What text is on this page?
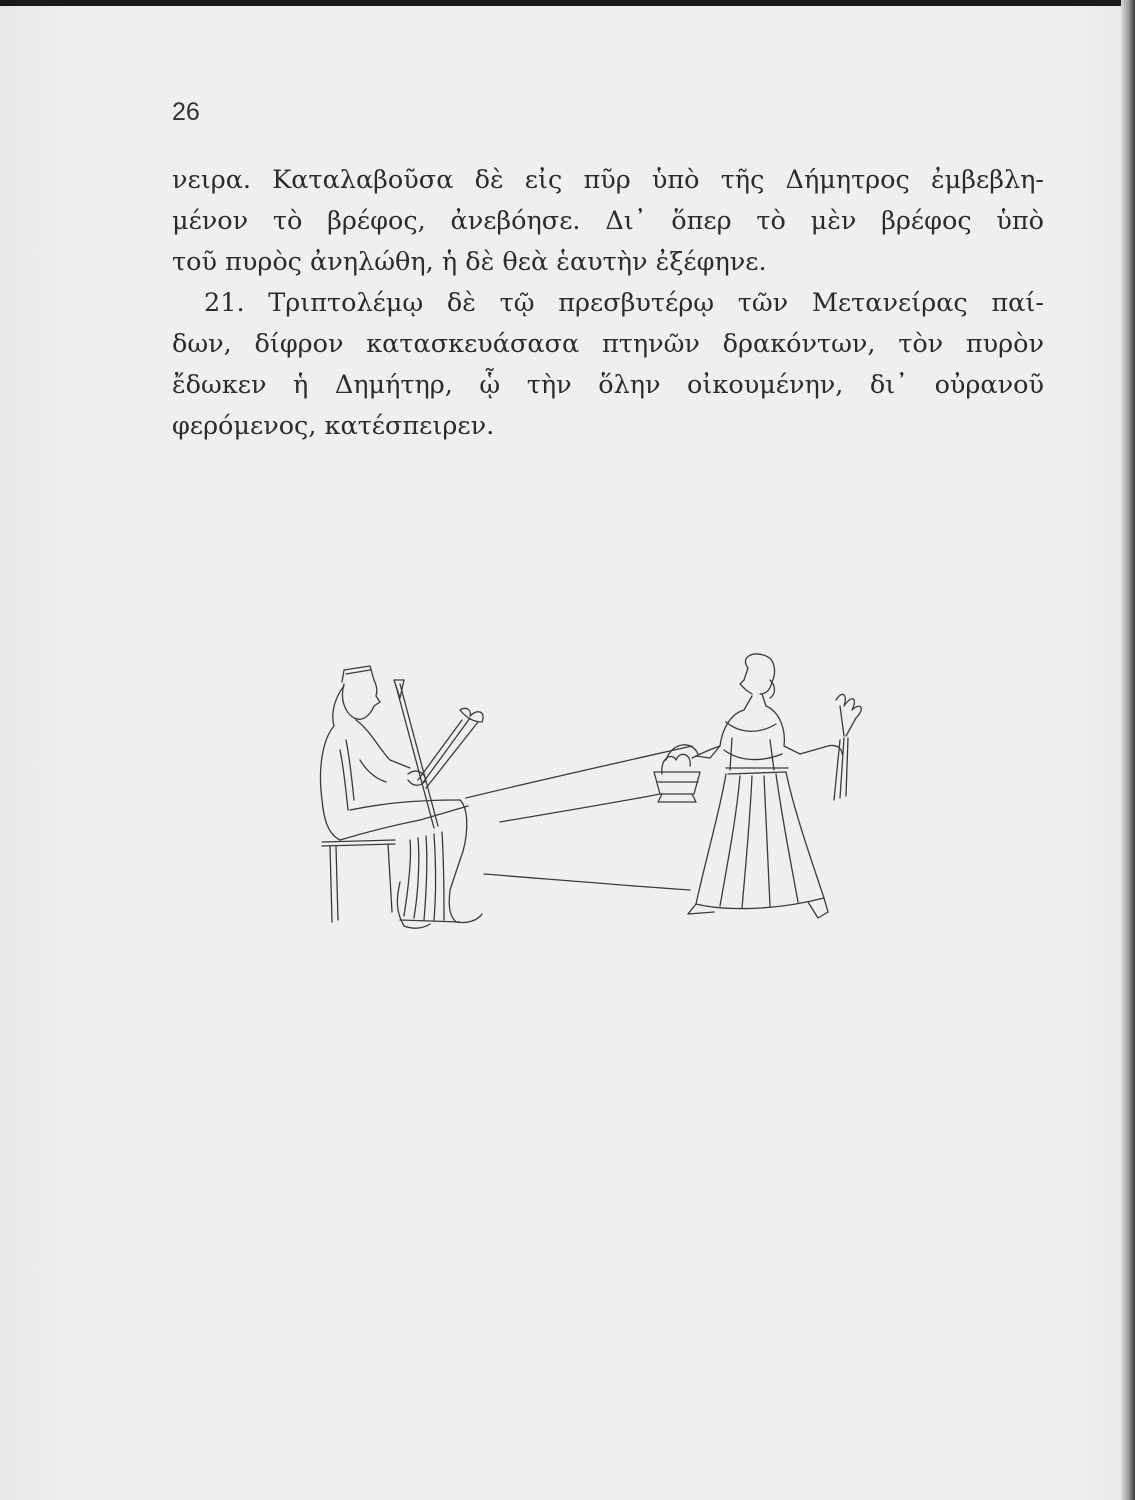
26
νειρα. Καταλαβοῦσα δὲ εἰς πῦρ ὑπὸ τῆς Δήμητρος ἐμβεβλη-
μένον τὸ βρέφος, ἀνεβόησε. Δι᾽ ὅπερ τὸ μὲν βρέφος ὑπὸ
τοῦ πυρὸς ἀνηλώθη, ἡ δὲ θεὰ ἑαυτὴν ἐξέφηνε.
21. Τριπτολέμῳ δὲ τῷ πρεσβυτέρῳ τῶν Μετανείρας παί-
δων, δίφρον κατασκευάσασα πτηνῶν δρακόντων, τὸν πυρὸν
ἔδωκεν ἡ Δημήτηρ, ᾧ τὴν ὅλην οἰκουμένην, δι᾽ οὐρανοῦ
φερόμενος, κατέσπειρεν.
